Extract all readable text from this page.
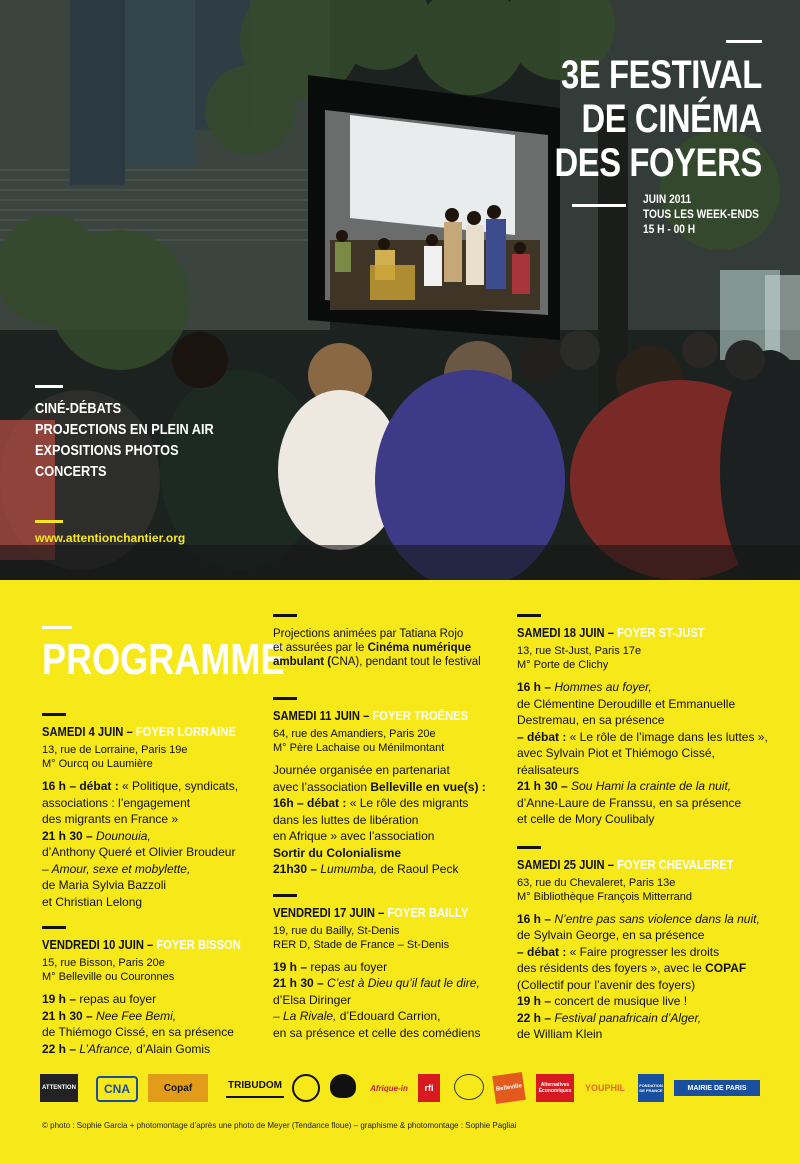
3E FESTIVAL
DE CINÉMA
DES FOYERS
JUIN 2011
TOUS LES WEEK-ENDS
15 H - 00 H
CINÉ-DÉBATS
PROJECTIONS EN PLEIN AIR
EXPOSITIONS PHOTOS
CONCERTS
www.attentionchantier.org
PROGRAMME
SAMEDI 4 JUIN – FOYER LORRAINE
13, rue de Lorraine, Paris 19e
M° Ourcq ou Laumière
16 h – débat : « Politique, syndicats,
associations : l’engagement
des migrants en France »
21 h 30 – Dounouia,
d’Anthony Queré et Olivier Broudeur
– Amour, sexe et mobylette,
de Maria Sylvia Bazzoli
et Christian Lelong
VENDREDI 10 JUIN – FOYER BISSON
15, rue Bisson, Paris 20e
M° Belleville ou Couronnes
19 h – repas au foyer
21 h 30 – Nee Fee Bemi,
de Thiémogo Cissé, en sa présence
22 h – L’Afrance, d’Alain Gomis
Projections animées par Tatiana Rojo
et assurées par le Cinéma numérique
ambulant (CNA), pendant tout le festival
SAMEDI 11 JUIN – FOYER TROËNES
64, rue des Amandiers, Paris 20e
M° Père Lachaise ou Ménilmontant
Journée organisée en partenariat
avec l’association Belleville en vue(s) :
16h – débat : « Le rôle des migrants
dans les luttes de libération
en Afrique » avec l’association
Sortir du Colonialisme
21h30 – Lumumba, de Raoul Peck
VENDREDI 17 JUIN – FOYER BAILLY
19, rue du Bailly, St-Denis
RER D, Stade de France – St-Denis
19 h – repas au foyer
21 h 30 – C’est à Dieu qu’il faut le dire,
d’Elsa Diringer
– La Rivale, d’Edouard Carrion,
en sa présence et celle des comédiens
SAMEDI 18 JUIN – FOYER ST-JUST
13, rue St-Just, Paris 17e
M° Porte de Clichy
16 h – Hommes au foyer,
de Clémentine Deroudille et Emmanuelle
Destremau, en sa présence
– débat : « Le rôle de l’image dans les luttes »,
avec Sylvain Piot et Thiémogo Cissé,
réalisateurs
21 h 30 – Sou Hami la crainte de la nuit,
d’Anne-Laure de Franssu, en sa présence
et celle de Mory Coulibaly
SAMEDI 25 JUIN – FOYER CHEVALERET
63, rue du Chevaleret, Paris 13e
M° Bibliothèque François Mitterrand
16 h – N’entre pas sans violence dans la nuit,
de Sylvain George, en sa présence
– débat : « Faire progresser les droits
des résidents des foyers », avec le COPAF
(Collectif pour l’avenir des foyers)
19 h – concert de musique live !
22 h – Festival panafricain d’Alger,
de William Klein
ATTENTION CNA	Copaf	TRIBUDOM	Afrique-in rfi	Belleville	Alternatives Économiques YOUPHIL	FONDATION DE FRANCE	MAIRIE DE PARIS
© photo : Sophie Garcia + photomontage d’après une photo de Meyer (Tendance floue) – graphisme & photomontage : Sophie Pagliai
